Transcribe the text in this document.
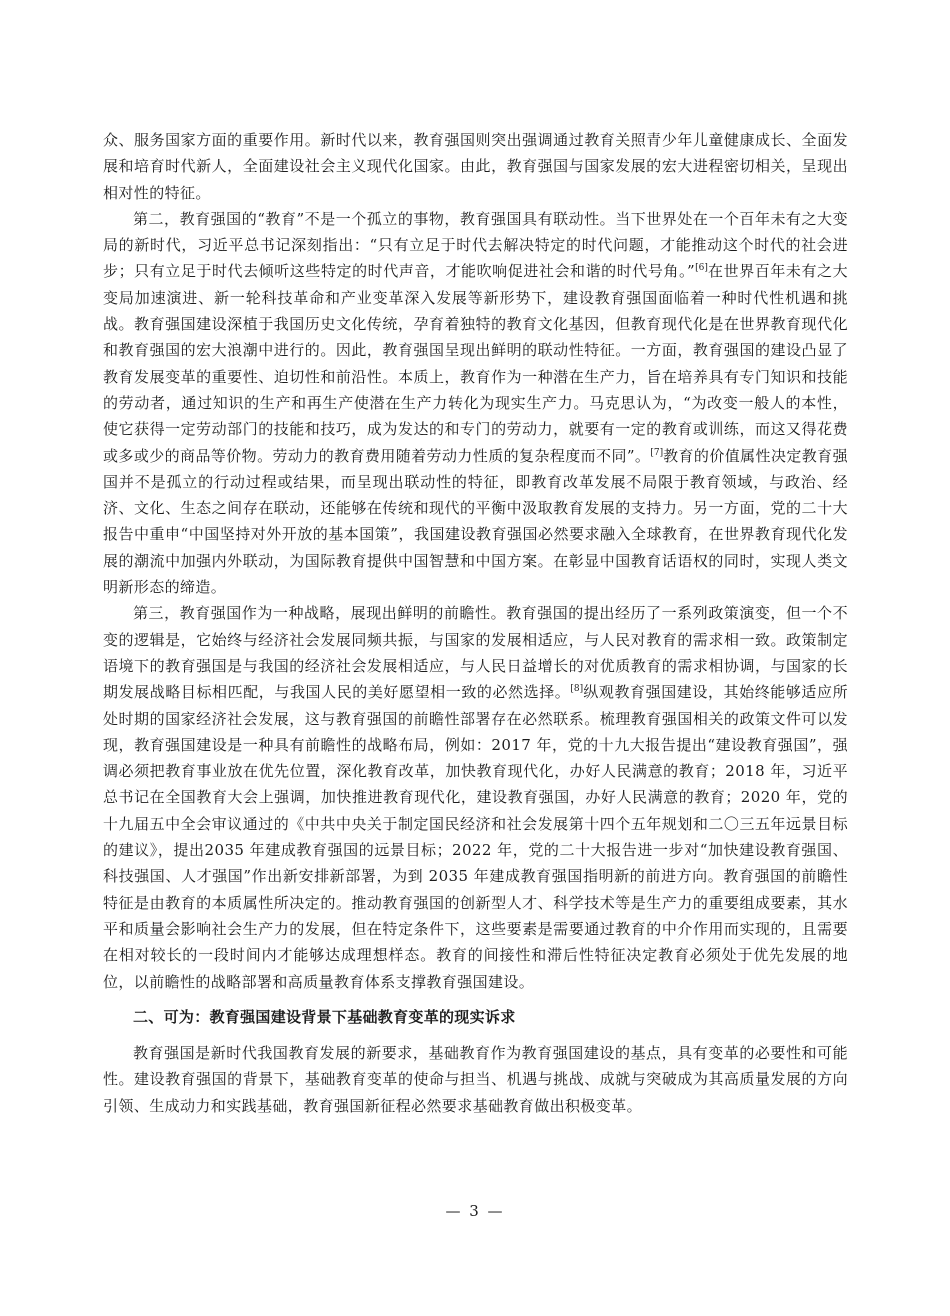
众、服务国家方面的重要作用。新时代以来，教育强国则突出强调通过教育关照青少年儿童健康成长、全面发展和培育时代新人，全面建设社会主义现代化国家。由此，教育强国与国家发展的宏大进程密切相关，呈现出相对性的特征。

第二，教育强国的“教育”不是一个孤立的事物，教育强国具有联动性。当下世界处在一个百年未有之大变局的新时代，习近平总书记深刻指出：“只有立足于时代去解决特定的时代问题，才能推动这个时代的社会进步；只有立足于时代去倾听这些特定的时代声音，才能吹响促进社会和谐的时代号角。”[6]在世界百年未有之大变局加速演进、新一轮科技革命和产业变革深入发展等新形势下，建设教育强国面临着一种时代性机遇和挑战。教育强国建设深植于我国历史文化传统，孕育着独特的教育文化基因，但教育现代化是在世界教育现代化和教育强国的宏大浪潮中进行的。因此，教育强国呈现出鲜明的联动性特征。一方面，教育强国的建设凸显了教育发展变革的重要性、迫切性和前沿性。本质上，教育作为一种潜在生产力，旨在培养具有专门知识和技能的劳动者，通过知识的生产和再生产使潜在生产力转化为现实生产力。马克思认为，“为改变一般人的本性，使它获得一定劳动部门的技能和技巧，成为发达的和专门的劳动力，就要有一定的教育或训练，而这又得花费或多或少的商品等价物。劳动力的教育费用随着劳动力性质的复杂程度而不同”。[7]教育的价值属性决定教育强国并不是孤立的行动过程或结果，而呈现出联动性的特征，即教育改革发展不局限于教育领域，与政治、经济、文化、生态之间存在联动，还能够在传统和现代的平衡中汲取教育发展的支持力。另一方面，党的二十大报告中重申“中国坚持对外开放的基本国策”，我国建设教育强国必然要求融入全球教育，在世界教育现代化发展的潮流中加强内外联动，为国际教育提供中国智慧和中国方案。在彰显中国教育话语权的同时，实现人类文明新形态的缔造。

第三，教育强国作为一种战略，展现出鲜明的前瞻性。教育强国的提出经历了一系列政策演变，但一个不变的逻辑是，它始终与经济社会发展同频共振，与国家的发展相适应，与人民对教育的需求相一致。政策制定语境下的教育强国是与我国的经济社会发展相适应，与人民日益增长的对优质教育的需求相协调，与国家的长期发展战略目标相匹配，与我国人民的美好愿望相一致的必然选择。[8]纵观教育强国建设，其始终能够适应所处时期的国家经济社会发展，这与教育强国的前瞻性部署存在必然联系。梳理教育强国相关的政策文件可以发现，教育强国建设是一种具有前瞻性的战略布局，例如：2017 年，党的十九大报告提出“建设教育强国”，强调必须把教育事业放在优先位置，深化教育改革，加快教育现代化，办好人民满意的教育；2018 年，习近平总书记在全国教育大会上强调，加快推进教育现代化，建设教育强国，办好人民满意的教育；2020 年，党的十九届五中全会审议通过的《中共中央关于制定国民经济和社会发展第十四个五年规划和二〇三五年远景目标的建议》，提出2035 年建成教育强国的远景目标；2022 年，党的二十大报告进一步对“加快建设教育强国、科技强国、人才强国”作出新安排新部署，为到 2035 年建成教育强国指明新的前进方向。教育强国的前瞻性特征是由教育的本质属性所决定的。推动教育强国的创新型人才、科学技术等是生产力的重要组成要素，其水平和质量会影响社会生产力的发展，但在特定条件下，这些要素是需要通过教育的中介作用而实现的，且需要在相对较长的一段时间内才能够达成理想样态。教育的间接性和滞后性特征决定教育必须处于优先发展的地位，以前瞻性的战略部署和高质量教育体系支撑教育强国建设。

二、可为：教育强国建设背景下基础教育变革的现实诉求

教育强国是新时代我国教育发展的新要求，基础教育作为教育强国建设的基点，具有变革的必要性和可能性。建设教育强国的背景下，基础教育变革的使命与担当、机遇与挑战、成就与突破成为其高质量发展的方向引领、生成动力和实践基础，教育强国新征程必然要求基础教育做出积极变革。

— 3 —
